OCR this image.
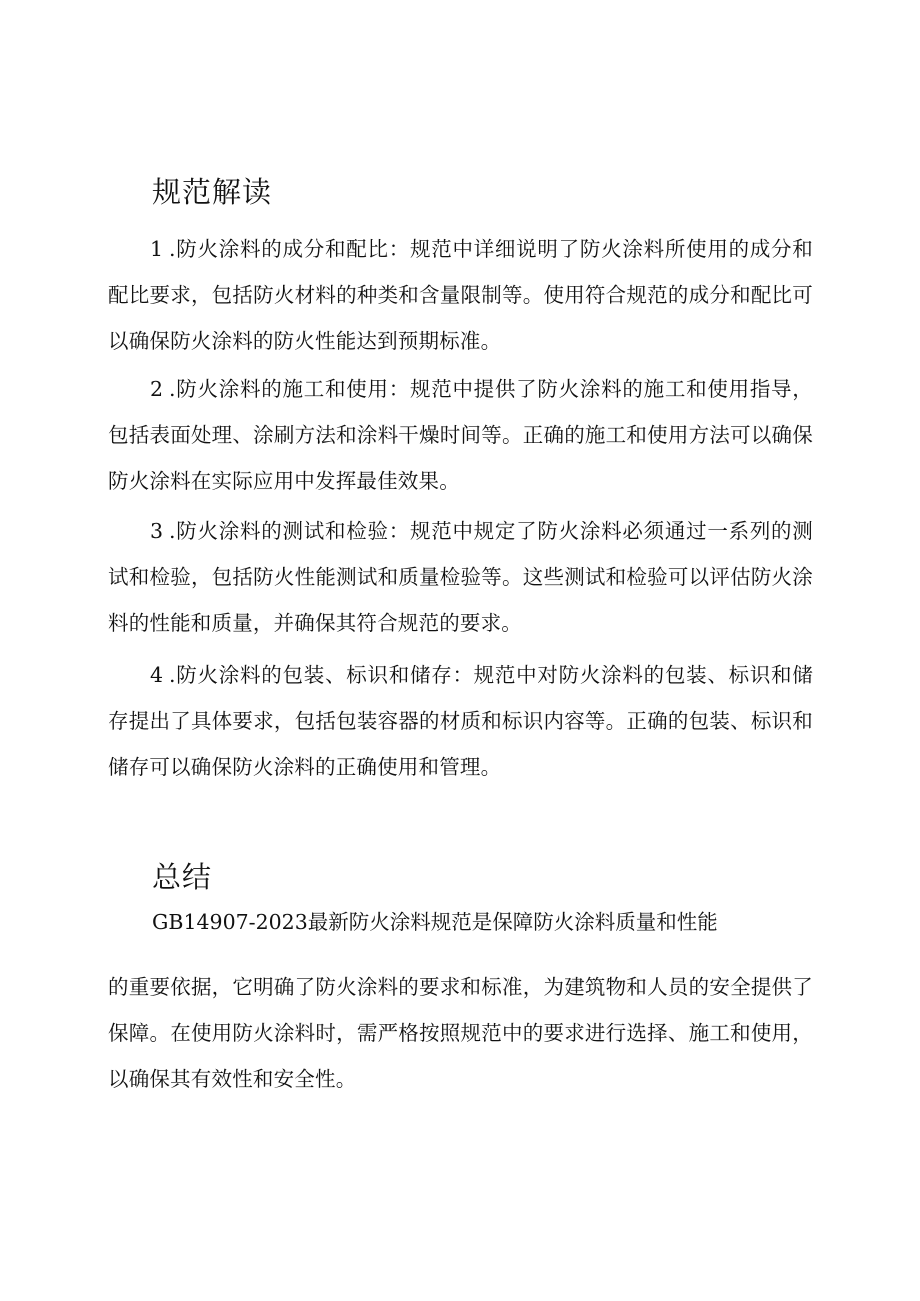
规范解读

1.防火涂料的成分和配比：规范中详细说明了防火涂料所使用的成分和配比要求，包括防火材料的种类和含量限制等。使用符合规范的成分和配比可以确保防火涂料的防火性能达到预期标准。

2.防火涂料的施工和使用：规范中提供了防火涂料的施工和使用指导，包括表面处理、涂刷方法和涂料干燥时间等。正确的施工和使用方法可以确保防火涂料在实际应用中发挥最佳效果。

3.防火涂料的测试和检验：规范中规定了防火涂料必须通过一系列的测试和检验，包括防火性能测试和质量检验等。这些测试和检验可以评估防火涂料的性能和质量，并确保其符合规范的要求。

4.防火涂料的包装、标识和储存：规范中对防火涂料的包装、标识和储存提出了具体要求，包括包装容器的材质和标识内容等。正确的包装、标识和储存可以确保防火涂料的正确使用和管理。

总结

GB14907-2023最新防火涂料规范是保障防火涂料质量和性能

的重要依据，它明确了防火涂料的要求和标准，为建筑物和人员的安全提供了保障。在使用防火涂料时，需严格按照规范中的要求进行选择、施工和使用，以确保其有效性和安全性。
